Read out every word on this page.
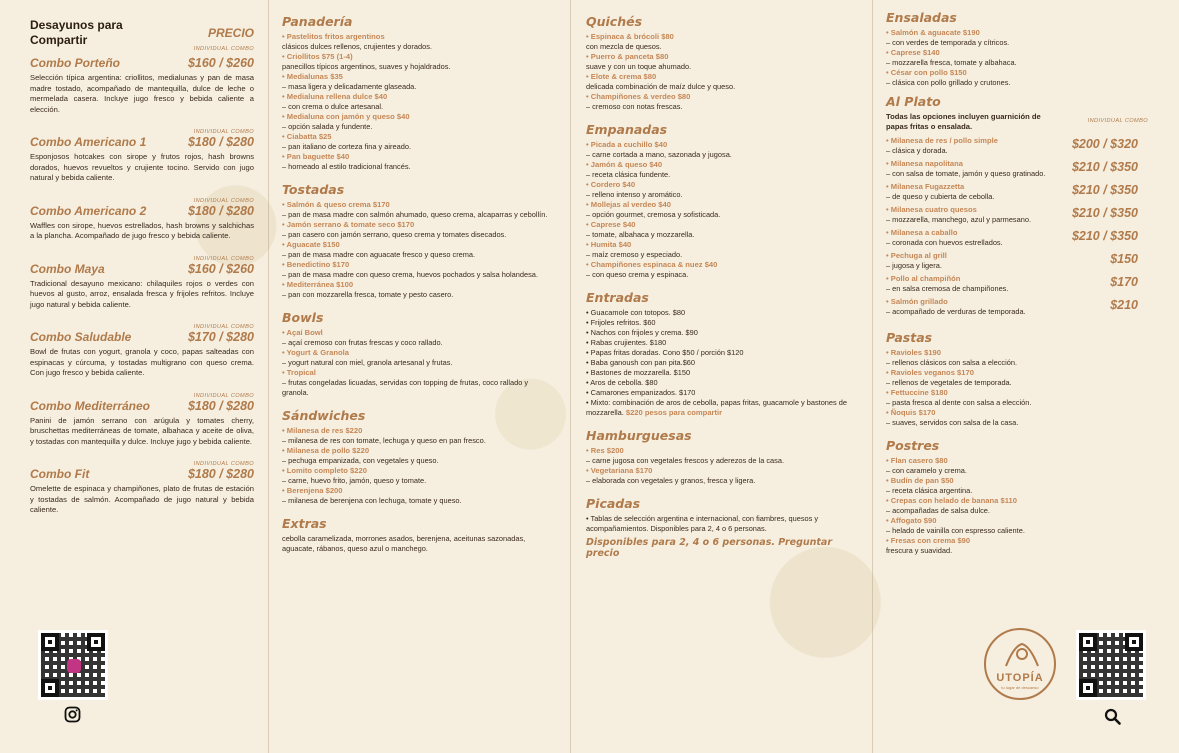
Desayunos para Compartir	PRECIO
INDIVIDUAL COMBO
Combo Porteño	$160 / $260
Selección típica argentina: criollitos, medialunas y pan de masa madre tostado, acompañado de mantequilla, dulce de leche o mermelada casera. Incluye jugo fresco y bebida caliente a elección.
INDIVIDUAL COMBO
Combo Americano 1	$180 / $280
Esponjosos hotcakes con sirope y frutos rojos, hash browns dorados, huevos revueltos y crujiente tocino. Servido con jugo natural y bebida caliente.
INDIVIDUAL COMBO
Combo Americano 2	$180 / $280
Waffles con sirope, huevos estrellados, hash browns y salchichas a la plancha. Acompañado de jugo fresco y bebida caliente.
INDIVIDUAL COMBO
Combo Maya	$160 / $260
Tradicional desayuno mexicano: chilaquiles rojos o verdes con huevos al gusto, arroz, ensalada fresca y frijoles refritos. Incluye jugo natural y bebida caliente.
INDIVIDUAL COMBO
Combo Saludable	$170 / $280
Bowl de frutas con yogurt, granola y coco, papas salteadas con espinacas y cúrcuma, y tostadas multigrano con queso crema. Con jugo fresco y bebida caliente.
INDIVIDUAL COMBO
Combo Mediterráneo	$180 / $280
Panini de jamón serrano con arúgula y tomates cherry, bruschettas mediterráneas de tomate, albahaca y aceite de oliva, y tostadas con mantequilla y dulce. Incluye jugo y bebida caliente.
INDIVIDUAL COMBO
Combo Fit	$180 / $280
Omelette de espinaca y champiñones, plato de frutas de estación y tostadas de salmón. Acompañado de jugo natural y bebida caliente.
Panadería
• Pastelitos fritos argentinos
clásicos dulces rellenos, crujientes y dorados.
• Criollitos $75 (1-4)
panecillos típicos argentinos, suaves y hojaldrados.
• Medialunas $35
– masa ligera y delicadamente glaseada.
• Medialuna rellena dulce $40
– con crema o dulce artesanal.
• Medialuna con jamón y queso $40
– opción salada y fundente.
• Ciabatta $25
– pan italiano de corteza fina y aireado.
• Pan baguette $40
– horneado al estilo tradicional francés.
Tostadas
• Salmón & queso crema $170
– pan de masa madre con salmón ahumado, queso crema, alcaparras y cebollín.
• Jamón serrano & tomate seco $170
– pan casero con jamón serrano, queso crema y tomates disecados.
• Aguacate $150
– pan de masa madre con aguacate fresco y queso crema.
• Benedictino $170
– pan de masa madre con queso crema, huevos pochados y salsa holandesa.
• Mediterránea $100
– pan con mozzarella fresca, tomate y pesto casero.
Bowls
• Açaí Bowl
– açaí cremoso con frutas frescas y coco rallado.
• Yogurt & Granola
– yogurt natural con miel, granola artesanal y frutas.
• Tropical
– frutas congeladas licuadas, servidas con topping de frutas, coco rallado y granola.
Sándwiches
• Milanesa de res $220
– milanesa de res con tomate, lechuga y queso en pan fresco.
• Milanesa de pollo $220
– pechuga empanizada, con vegetales y queso.
• Lomito completo $220
– carne, huevo frito, jamón, queso y tomate.
• Berenjena $200
– milanesa de berenjena con lechuga, tomate y queso.
Extras
cebolla caramelizada, morrones asados, berenjena, aceitunas sazonadas, aguacate, rábanos, queso azul o manchego.
Quichés
• Espinaca & brócoli $80
con mezcla de quesos.
• Puerro & panceta $80
suave y con un toque ahumado.
• Elote & crema $80
delicada combinación de maíz dulce y queso.
• Champiñones & verdeo $80
– cremoso con notas frescas.
Empanadas
• Picada a cuchillo $40
– carne cortada a mano, sazonada y jugosa.
• Jamón & queso $40
– receta clásica fundente.
• Cordero $40
– relleno intenso y aromático.
• Mollejas al verdeo $40
– opción gourmet, cremosa y sofisticada.
• Caprese $40
– tomate, albahaca y mozzarella.
• Humita $40
– maíz cremoso y especiado.
• Champiñones espinaca & nuez $40
– con queso crema y espinaca.
Entradas
• Guacamole con totopos. $80
• Frijoles refritos. $60
• Nachos con frijoles y crema. $90
• Rabas crujientes. $180
• Papas fritas doradas. Cono $50 / porción $120
• Baba ganoush con pan pita.$60
• Bastones de mozzarella. $150
• Aros de cebolla. $80
• Camarones empanizados. $170
• Mixto: combinación de aros de cebolla, papas fritas, guacamole y bastones de mozzarella. $220 pesos para compartir
Hamburguesas
• Res $200
– carne jugosa con vegetales frescos y aderezos de la casa.
• Vegetariana $170
– elaborada con vegetales y granos, fresca y ligera.
Picadas
• Tablas de selección argentina e internacional, con fiambres, quesos y acompañamientos. Disponibles para 2, 4 o 6 personas.
Disponibles para 2, 4 o 6 personas. Preguntar precio
Ensaladas
• Salmón & aguacate $190
– con verdes de temporada y cítricos.
• Caprese $140
– mozzarella fresca, tomate y albahaca.
• César con pollo $150
– clásica con pollo grillado y crutones.
Al Plato
Todas las opciones incluyen guarnición de papas fritas o ensalada.
INDIVIDUAL COMBO
• Milanesa de res / pollo simple
– clásica y dorada.	$200 / $320
• Milanesa napolitana
– con salsa de tomate, jamón y queso gratinado.	$210 / $350
• Milanesa Fugazzetta
– de queso y cubierta de cebolla.	$210 / $350
• Milanesa cuatro quesos
– mozzarella, manchego, azul y parmesano.	$210 / $350
• Milanesa a caballo
– coronada con huevos estrellados.	$210 / $350
• Pechuga al grill
– jugosa y ligera.	$150
• Pollo al champiñón
– en salsa cremosa de champiñones.	$170
• Salmón grillado
– acompañado de verduras de temporada.	$210
Pastas
• Ravioles $190
– rellenos clásicos con salsa a elección.
• Ravioles veganos $170
– rellenos de vegetales de temporada.
• Fettuccine $180
– pasta fresca al dente con salsa a elección.
• Ñoquis $170
– suaves, servidos con salsa de la casa.
Postres
• Flan casero $80
– con caramelo y crema.
• Budín de pan $50
– receta clásica argentina.
• Crepas con helado de banana $110
– acompañadas de salsa dulce.
• Affogato $90
– helado de vainilla con espresso caliente.
• Fresas con crema $90
frescura y suavidad.
UTOPÍA
tu lugar de descanso
